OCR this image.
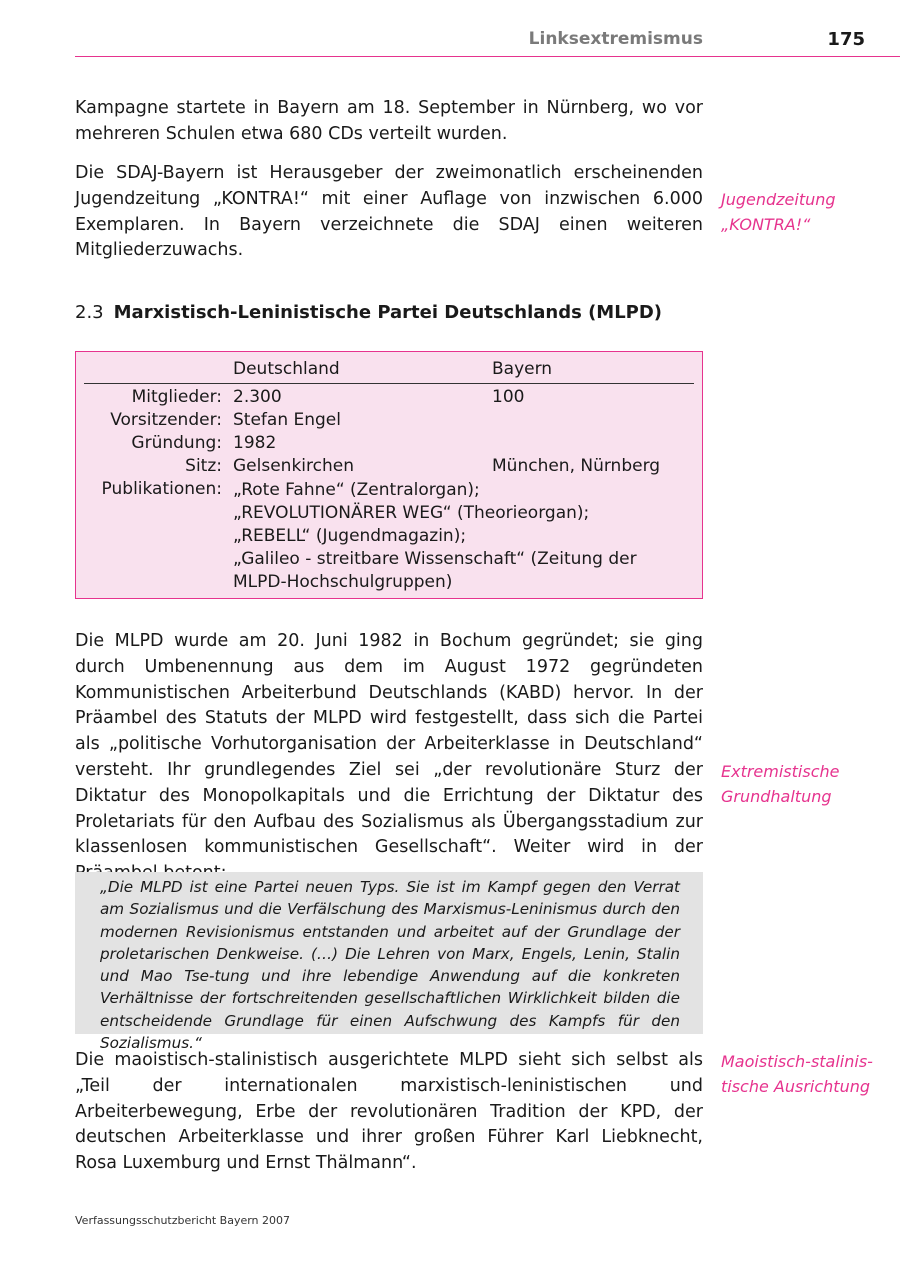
Linksextremismus	175

Kampagne startete in Bayern am 18. September in Nürnberg, wo vor mehreren Schulen etwa 680 CDs verteilt wurden.

Die SDAJ-Bayern ist Herausgeber der zweimonatlich erscheinenden Jugendzeitung „KONTRA!“ mit einer Auflage von inzwischen 6.000 Exemplaren. In Bayern verzeichnete die SDAJ einen weiteren Mitgliederzuwachs.

Jugendzeitung
„KONTRA!“
2.3 Marxistisch-Leninistische Partei Deutschlands (MLPD)
Deutschland	Bayern
Mitglieder: 2.300	100
Vorsitzender: Stefan Engel
Gründung: 1982
Sitz: Gelsenkirchen	München, Nürnberg
Publikationen: „Rote Fahne“ (Zentralorgan);
„REVOLUTIONÄRER WEG“ (Theorieorgan);
„REBELL“ (Jugendmagazin);
„Galileo - streitbare Wissenschaft“ (Zeitung der
MLPD-Hochschulgruppen)

Die MLPD wurde am 20. Juni 1982 in Bochum gegründet; sie ging durch Umbenennung aus dem im August 1972 gegründeten Kommunistischen Arbeiterbund Deutschlands (KABD) hervor. In der Präambel des Statuts der MLPD wird festgestellt, dass sich die Partei als „politische Vorhutorganisation der Arbeiterklasse in Deutschland“ versteht. Ihr grundlegendes Ziel sei „der revolutionäre Sturz der Diktatur des Monopolkapitals und die Errichtung der Diktatur des Proletariats für den Aufbau des Sozialismus als Übergangsstadium zur klassenlosen kommunistischen Gesellschaft“. Weiter wird in der

Extremistische
Grundhaltung

„Die MLPD ist eine Partei neuen Typs. Sie ist im Kampf gegen den Verrat am Sozialismus und die Verfälschung des Marxismus-Leninismus durch den modernen Revisionismus entstanden und arbeitet auf der Grundlage der proletarischen Denkweise. (…) Die Lehren von Marx, Engels, Lenin, Stalin und Mao Tse-tung und ihre lebendige Anwendung auf die konkreten Verhältnisse der fortschreitenden gesellschaftlichen Wirklichkeit bilden die entscheidende Grundlage für einen Aufschwung des Kampfs für den Sozialismus.“

Die maoistisch-stalinistisch ausgerichtete MLPD sieht sich selbst als „Teil der internationalen marxistisch-leninistischen und Arbeiterbewegung, Erbe der revolutionären Tradition der KPD, der deutschen Arbeiterklasse und ihrer großen Führer Karl Liebknecht, Rosa Luxemburg und Ernst Thälmann“.

Maoistisch-stalinis-
tische Ausrichtung
Verfassungsschutzbericht Bayern 2007
